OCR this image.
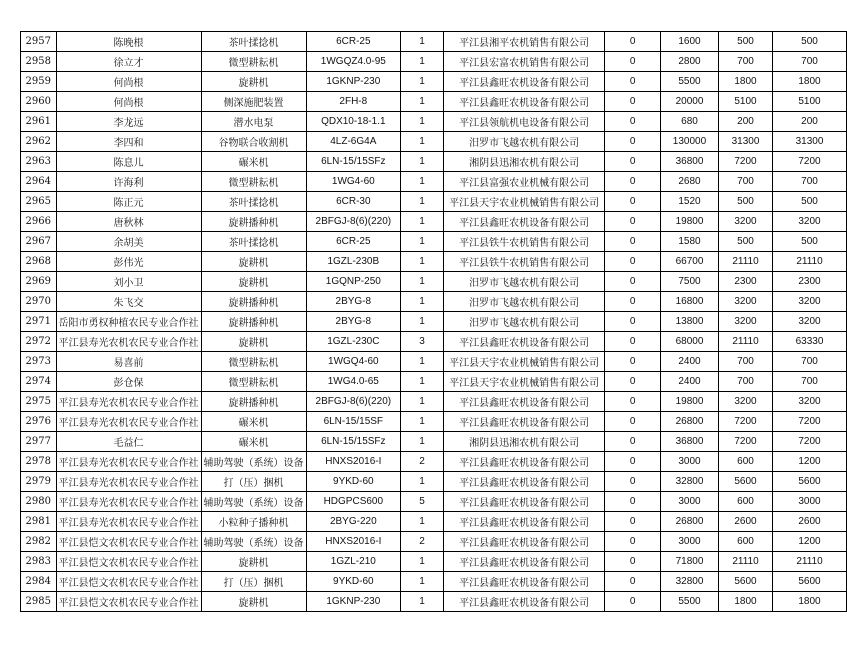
2957	陈晚根	茶叶揉捻机	6CR-25	1	平江县湘平农机销售有限公司	0	1600	500	500
2958	徐立才	微型耕耘机	1WGQZ4.0-95	1	平江县宏富农机销售有限公司	0	2800	700	700
2959	何尚根	旋耕机	1GKNP-230	1	平江县鑫旺农机设备有限公司	0	5500	1800	1800
2960	何尚根	侧深施肥装置	2FH-8	1	平江县鑫旺农机设备有限公司	0	20000	5100	5100
2961	李龙远	潜水电泵	QDX10-18-1.1	1	平江县领航机电设备有限公司	0	680	200	200
2962	李四和	谷物联合收割机	4LZ-6G4A	1	汨罗市飞越农机有限公司	0	130000	31300	31300
2963	陈息儿	碾米机	6LN-15/15SFz	1	湘阴县迅湘农机有限公司	0	36800	7200	7200
2964	许海利	微型耕耘机	1WG4-60	1	平江县富强农业机械有限公司	0	2680	700	700
2965	陈正元	茶叶揉捻机	6CR-30	1	平江县天宇农业机械销售有限公司	0	1520	500	500
2966	唐秋林	旋耕播种机	2BFGJ-8(6)(220)	1	平江县鑫旺农机设备有限公司	0	19800	3200	3200
2967	余胡美	茶叶揉捻机	6CR-25	1	平江县铁牛农机销售有限公司	0	1580	500	500
2968	彭伟光	旋耕机	1GZL-230B	1	平江县铁牛农机销售有限公司	0	66700	21110	21110
2969	刘小卫	旋耕机	1GQNP-250	1	汨罗市飞越农机有限公司	0	7500	2300	2300
2970	朱飞交	旋耕播种机	2BYG-8	1	汨罗市飞越农机有限公司	0	16800	3200	3200
2971	岳阳市勇权种植农民专业合作社	旋耕播种机	2BYG-8	1	汨罗市飞越农机有限公司	0	13800	3200	3200
2972	平江县寿光农机农民专业合作社	旋耕机	1GZL-230C	3	平江县鑫旺农机设备有限公司	0	68000	21110	63330
2973	易喜前	微型耕耘机	1WGQ4-60	1	平江县天宇农业机械销售有限公司	0	2400	700	700
2974	彭仓保	微型耕耘机	1WG4.0-65	1	平江县天宇农业机械销售有限公司	0	2400	700	700
2975	平江县寿光农机农民专业合作社	旋耕播种机	2BFGJ-8(6)(220)	1	平江县鑫旺农机设备有限公司	0	19800	3200	3200
2976	平江县寿光农机农民专业合作社	碾米机	6LN-15/15SF	1	平江县鑫旺农机设备有限公司	0	26800	7200	7200
2977	毛益仁	碾米机	6LN-15/15SFz	1	湘阴县迅湘农机有限公司	0	36800	7200	7200
2978	平江县寿光农机农民专业合作社	辅助驾驶（系统）设备	HNXS2016-I	2	平江县鑫旺农机设备有限公司	0	3000	600	1200
2979	平江县寿光农机农民专业合作社	打（压）捆机	9YKD-60	1	平江县鑫旺农机设备有限公司	0	32800	5600	5600
2980	平江县寿光农机农民专业合作社	辅助驾驶（系统）设备	HDGPCS600	5	平江县鑫旺农机设备有限公司	0	3000	600	3000
2981	平江县寿光农机农民专业合作社	小粒种子播种机	2BYG-220	1	平江县鑫旺农机设备有限公司	0	26800	2600	2600
2982	平江县恺文农机农民专业合作社	辅助驾驶（系统）设备	HNXS2016-I	2	平江县鑫旺农机设备有限公司	0	3000	600	1200
2983	平江县恺文农机农民专业合作社	旋耕机	1GZL-210	1	平江县鑫旺农机设备有限公司	0	71800	21110	21110
2984	平江县恺文农机农民专业合作社	打（压）捆机	9YKD-60	1	平江县鑫旺农机设备有限公司	0	32800	5600	5600
2985	平江县恺文农机农民专业合作社	旋耕机	1GKNP-230	1	平江县鑫旺农机设备有限公司	0	5500	1800	1800
